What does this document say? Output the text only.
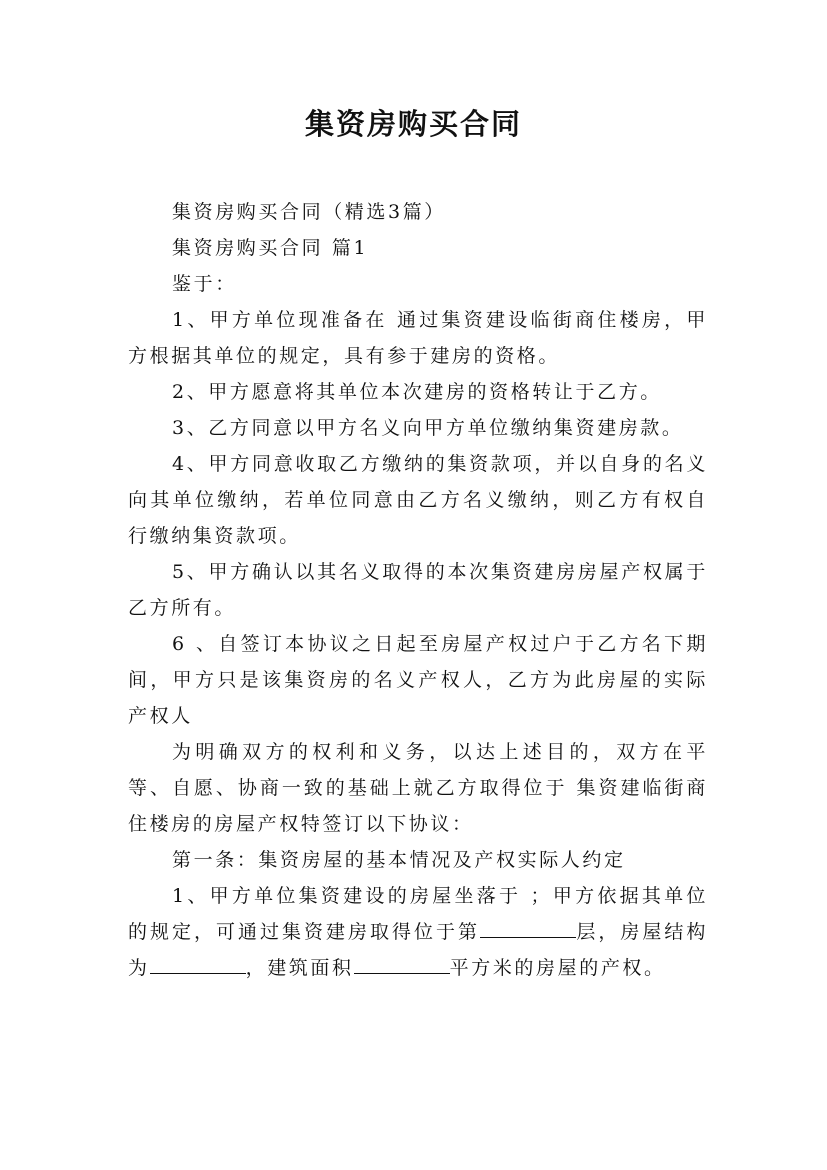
集资房购买合同

集资房购买合同（精选3篇）

集资房购买合同 篇1

鉴于：

1、甲方单位现准备在 通过集资建设临街商住楼房，甲方根据其单位的规定，具有参于建房的资格。

2、甲方愿意将其单位本次建房的资格转让于乙方。

3、乙方同意以甲方名义向甲方单位缴纳集资建房款。

4、甲方同意收取乙方缴纳的集资款项，并以自身的名义向其单位缴纳，若单位同意由乙方名义缴纳，则乙方有权自行缴纳集资款项。

5、甲方确认以其名义取得的本次集资建房房屋产权属于乙方所有。

6 、自签订本协议之日起至房屋产权过户于乙方名下期间，甲方只是该集资房的名义产权人，乙方为此房屋的实际产权人

为明确双方的权利和义务，以达上述目的，双方在平等、自愿、协商一致的基础上就乙方取得位于 集资建临街商住楼房的房屋产权特签订以下协议：

第一条：集资房屋的基本情况及产权实际人约定

1、甲方单位集资建设的房屋坐落于 ；甲方依据其单位的规定，可通过集资建房取得位于第	层，房屋结构为	，建筑面积	平方米的房屋的产权。
